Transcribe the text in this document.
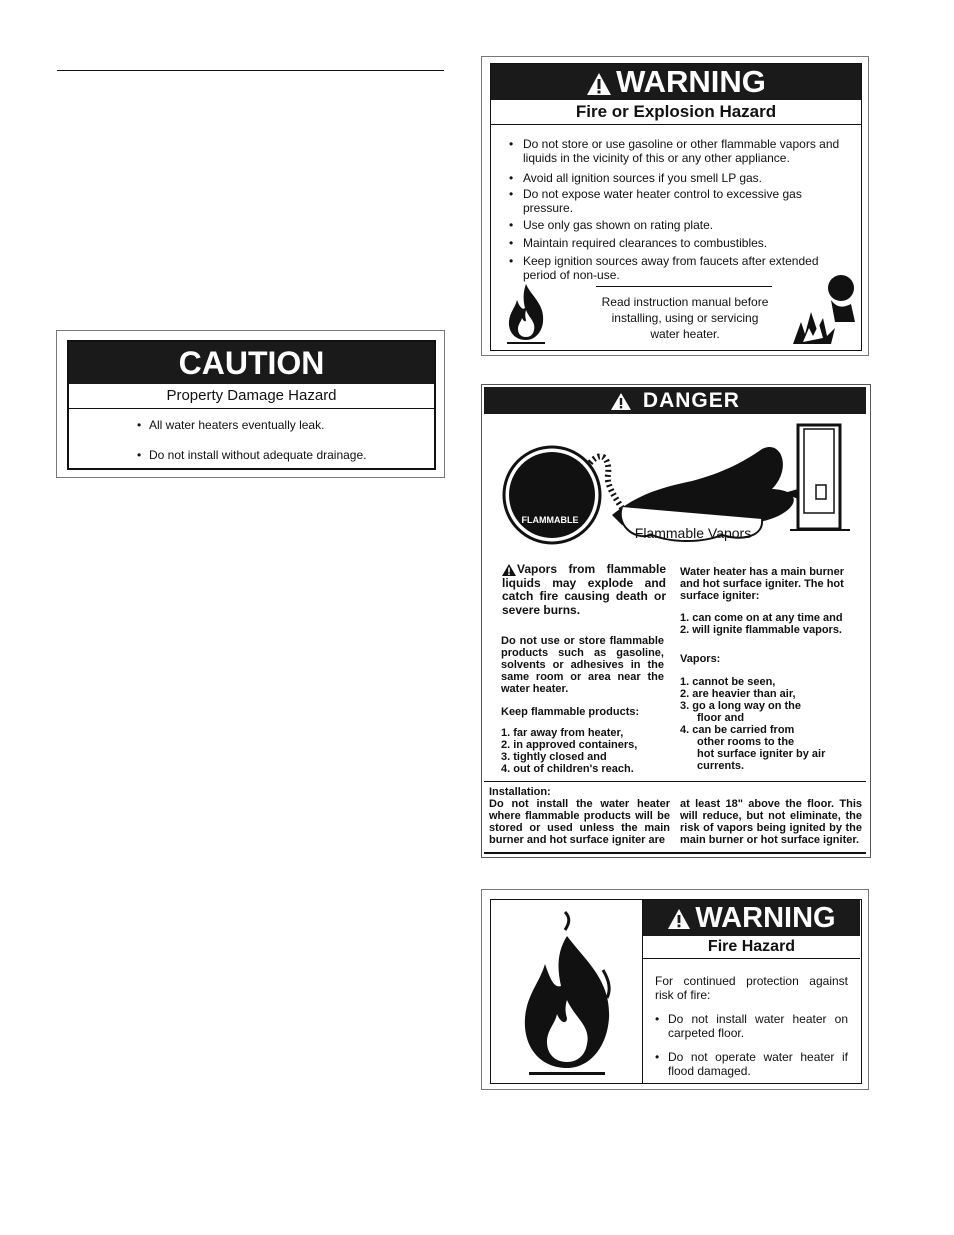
CAUTION
Property Damage Hazard
• All water heaters eventually leak.
• Do not install without adequate drainage.
WARNING
Fire or Explosion Hazard
• Do not store or use gasoline or other flammable vapors and liquids in the vicinity of this or any other appliance.
• Avoid all ignition sources if you smell LP gas.
• Do not expose water heater control to excessive gas pressure.
• Use only gas shown on rating plate.
• Maintain required clearances to combustibles.
• Keep ignition sources away from faucets after extended period of non-use.
Read instruction manual before
installing, using or servicing
water heater.
DANGER
FLAMMABLE
Flammable Vapors
Vapors from flammable liquids may explode and catch fire causing death or severe burns.
Do not use or store flammable products such as gasoline, solvents or adhesives in the same room or area near the water heater.
Keep flammable products:

1. far away from heater,

2. in approved containers,

3. tightly closed and

4. out of children's reach.

Water heater has a main burner and hot surface igniter. The hot surface igniter:

1. can come on at any time and

2. will ignite flammable vapors.

Vapors:

1. cannot be seen,

2. are heavier than air,

3. go a long way on the

floor and

4. can be carried from

other rooms to the

hot surface igniter by air

currents.

Installation:
Do not install the water heater where flammable products will be stored or used unless the main burner and hot surface igniter are
at least 18" above the floor. This will reduce, but not eliminate, the risk of vapors being ignited by the main burner or hot surface igniter.
WARNING
Fire Hazard
For continued protection against risk of fire:
• Do not install water heater on carpeted floor.
• Do not operate water heater if flood damaged.
